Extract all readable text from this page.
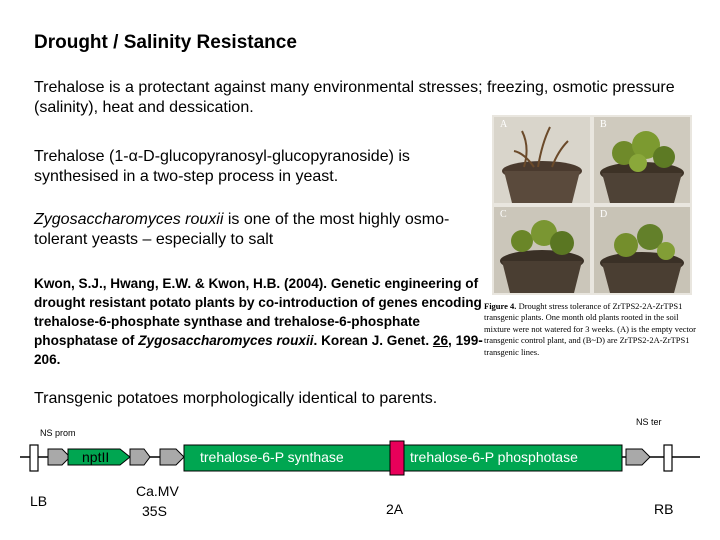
Drought / Salinity Resistance
Trehalose is a protectant against many environmental stresses; freezing, osmotic pressure (salinity), heat and dessication.
Trehalose (1-α-D-glucopyranosyl-glucopyranoside) is synthesised in a two-step process in yeast.
Zygosaccharomyces rouxii is one of the most highly osmo-tolerant yeasts – especially to salt
Kwon, S.J., Hwang, E.W. & Kwon, H.B. (2004). Genetic engineering of drought resistant potato plants by co-introduction of genes encoding trehalose-6-phosphate synthase and trehalose-6-phosphate phosphatase of Zygosaccharomyces rouxii. Korean J. Genet. 26, 199-206.
Transgenic potatoes morphologically identical to parents.
A	B
C	D
Figure 4. Drought stress tolerance of ZrTPS2-2A-ZrTPS1 transgenic plants. One month old plants rooted in the soil mixture were not watered for 3 weeks. (A) is the empty vector transgenic control plant, and (B~D) are ZrTPS2-2A-ZrTPS1 transgenic lines.
NS prom
NS ter
nptII	trehalose-6-P synthase	trehalose-6-P phosphotase
LB
Ca.MV
35S	2A	RB
